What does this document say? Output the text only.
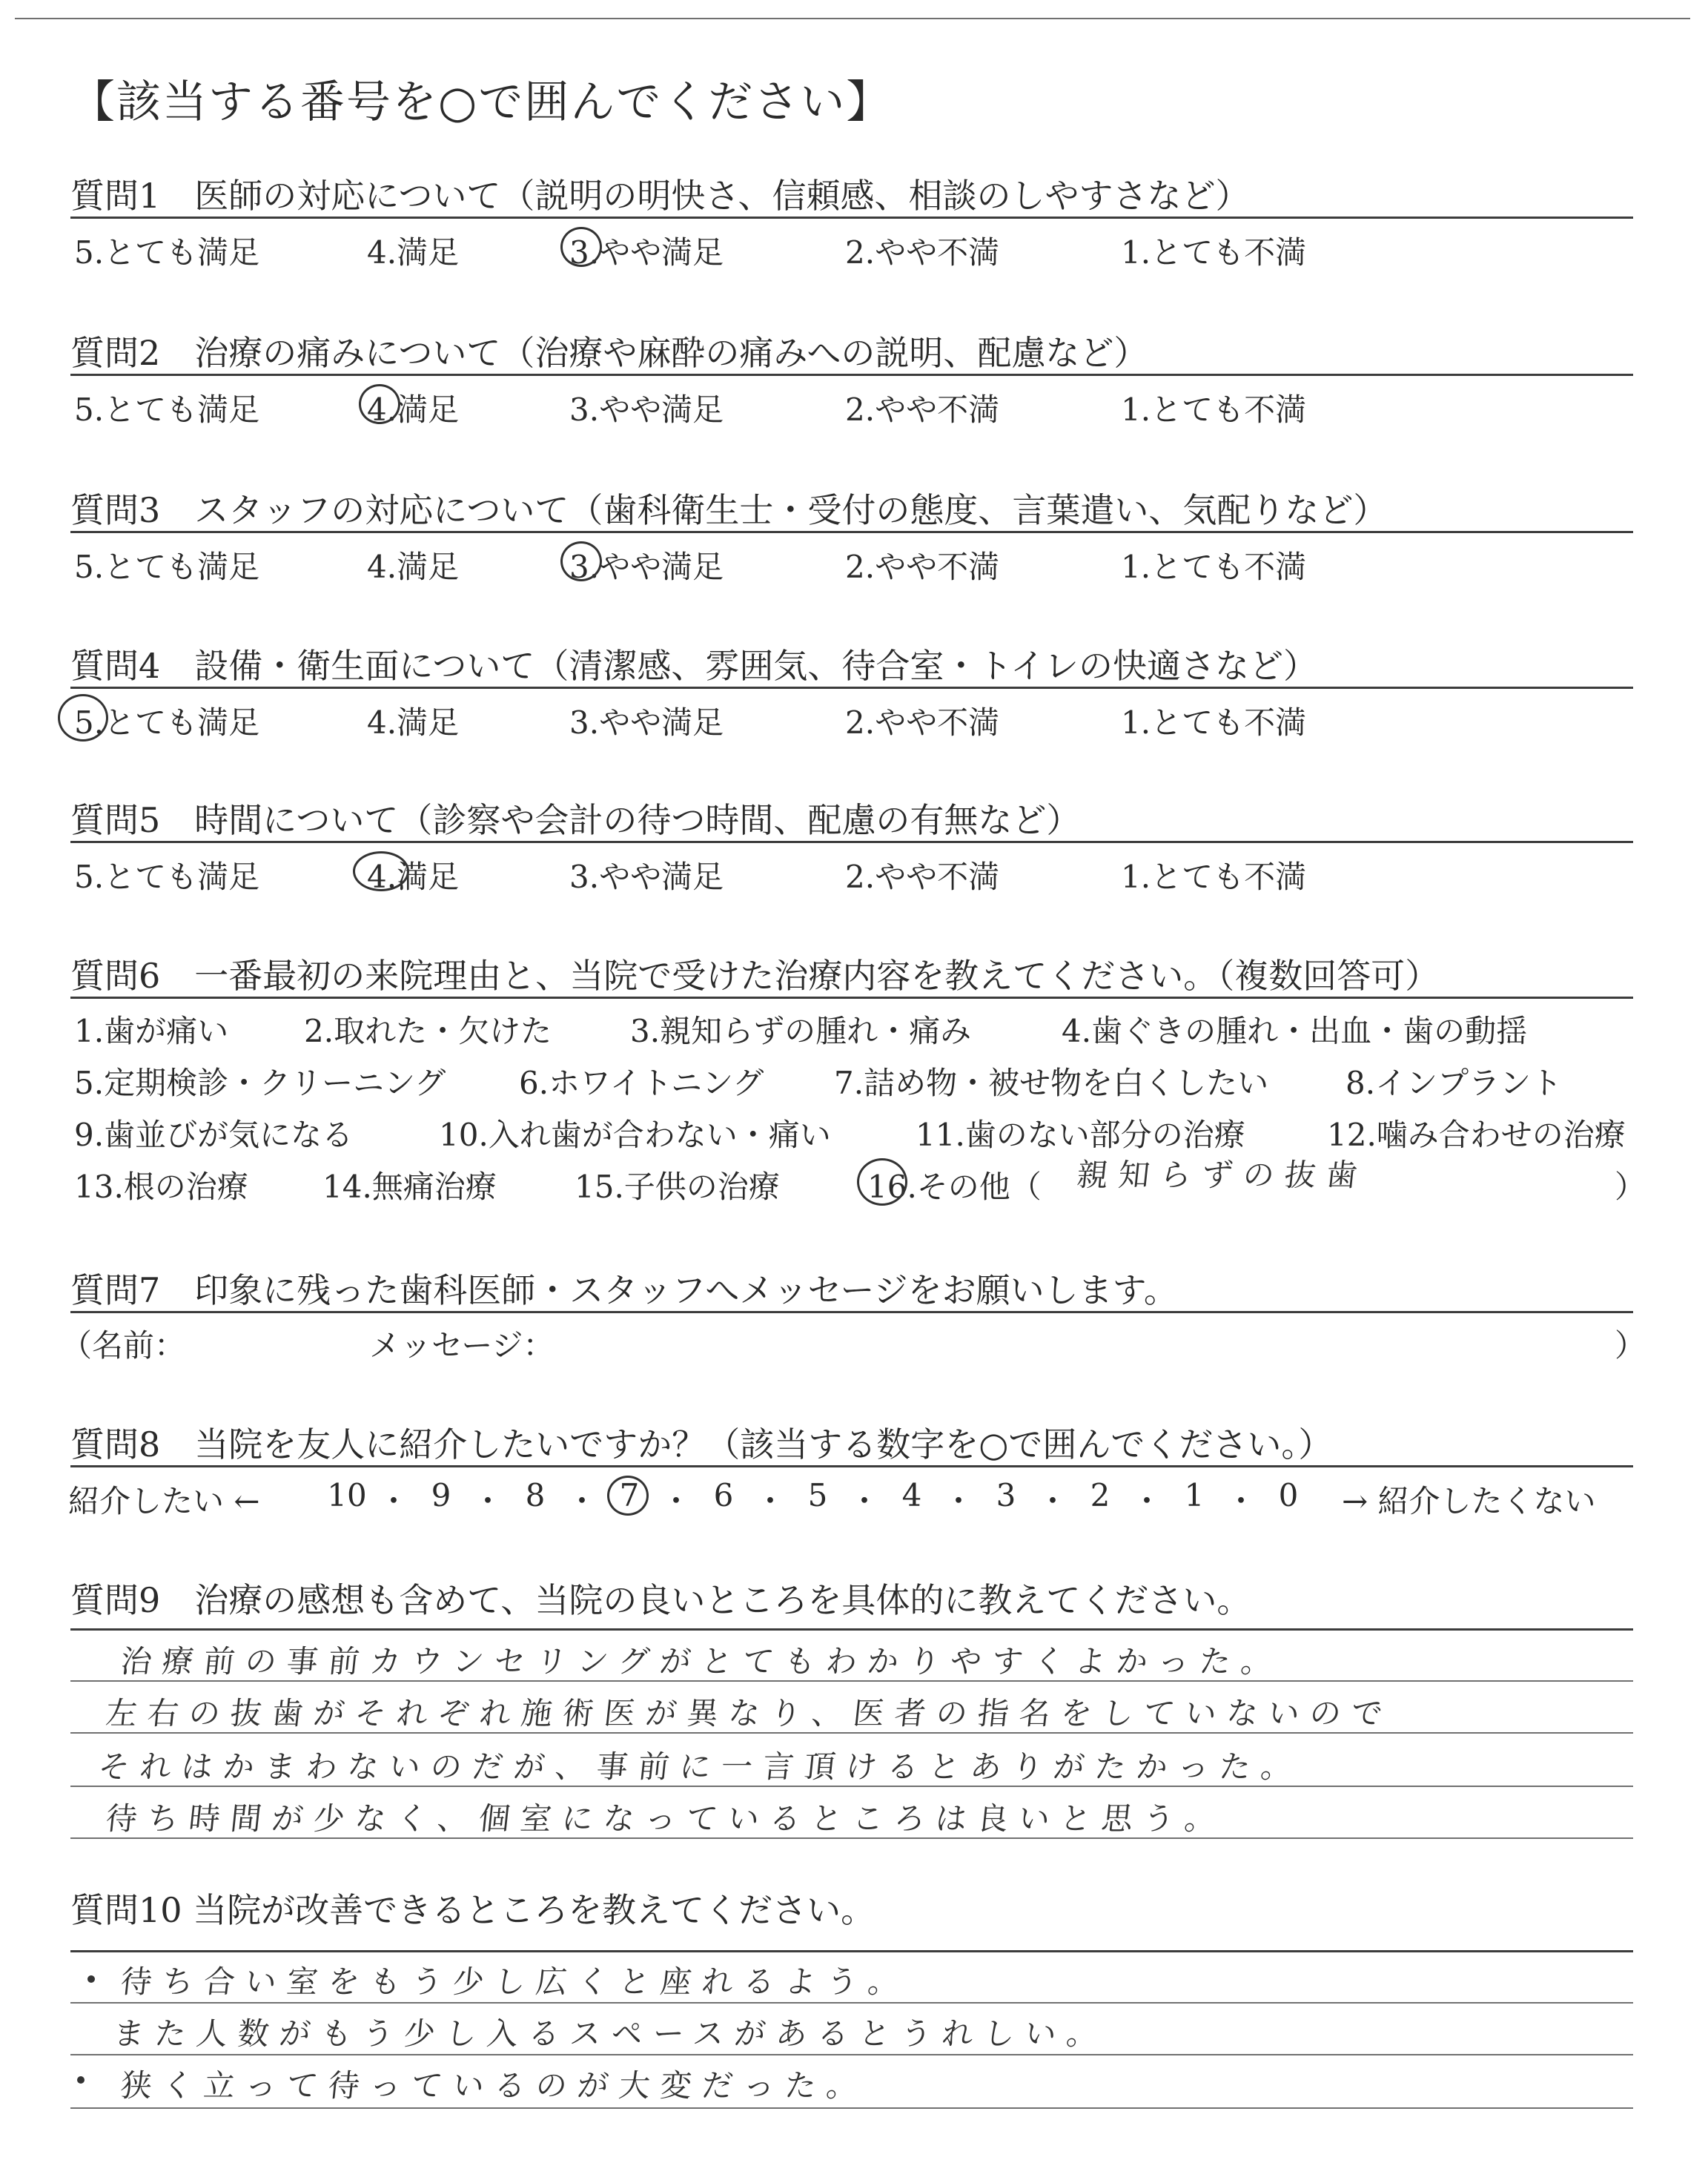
【該当する番号を○で囲んでください】
質問1　医師の対応について（説明の明快さ、信頼感、相談のしやすさなど）
5.とても満足	4.満足	3.やや満足	2.やや不満	1.とても不満
質問2　治療の痛みについて（治療や麻酔の痛みへの説明、配慮など）
5.とても満足	4.満足	3.やや満足	2.やや不満	1.とても不満
質問3　スタッフの対応について（歯科衛生士・受付の態度、言葉遣い、気配りなど）
5.とても満足	4.満足	3.やや満足	2.やや不満	1.とても不満
質問4　設備・衛生面について（清潔感、雰囲気、待合室・トイレの快適さなど）
5.とても満足	4.満足	3.やや満足	2.やや不満	1.とても不満
質問5　時間について（診察や会計の待つ時間、配慮の有無など）
5.とても満足	4.満足	3.やや満足	2.やや不満	1.とても不満
質問6　一番最初の来院理由と、当院で受けた治療内容を教えてください。（複数回答可）
1.歯が痛い 2.取れた・欠けた	3.親知らずの腫れ・痛み	4.歯ぐきの腫れ・出血・歯の動揺
5.定期検診・クリーニング 6.ホワイトニング 7.詰め物・被せ物を白くしたい 8.インプラント
9.歯並びが気になる	10.入れ歯が合わない・痛い	11.歯のない部分の治療	12.噛み合わせの治療
13.根の治療 14.無痛治療	15.子供の治療	16.その他（ 親知らずの抜歯	）
質問7　印象に残った歯科医師・スタッフへメッセージをお願いします。
（名前：	メッセージ：	）
質問8　当院を友人に紹介したいですか？（該当する数字を○で囲んでください。）
紹介したい ←	→ 紹介したくない
10 ・ 9 ・ 8 ・ 7 ・ 6 ・ 5 ・ 4 ・ 3 ・ 2 ・ 1 ・ 0
質問9　治療の感想も含めて、当院の良いところを具体的に教えてください。
治療前の事前カウンセリングがとてもわかりやすくよかった。
左右の抜歯がそれぞれ施術医が異なり、医者の指名をしていないので
それはかまわないのだが、事前に一言頂けるとありがたかった。
待ち時間が少なく、個室になっているところは良いと思う。
質問10 当院が改善できるところを教えてください。
待ち合い室をもう少し広くと座れるよう。
また人数がもう少し入るスペースがあるとうれしい。
狭く立って待っているのが大変だった。
